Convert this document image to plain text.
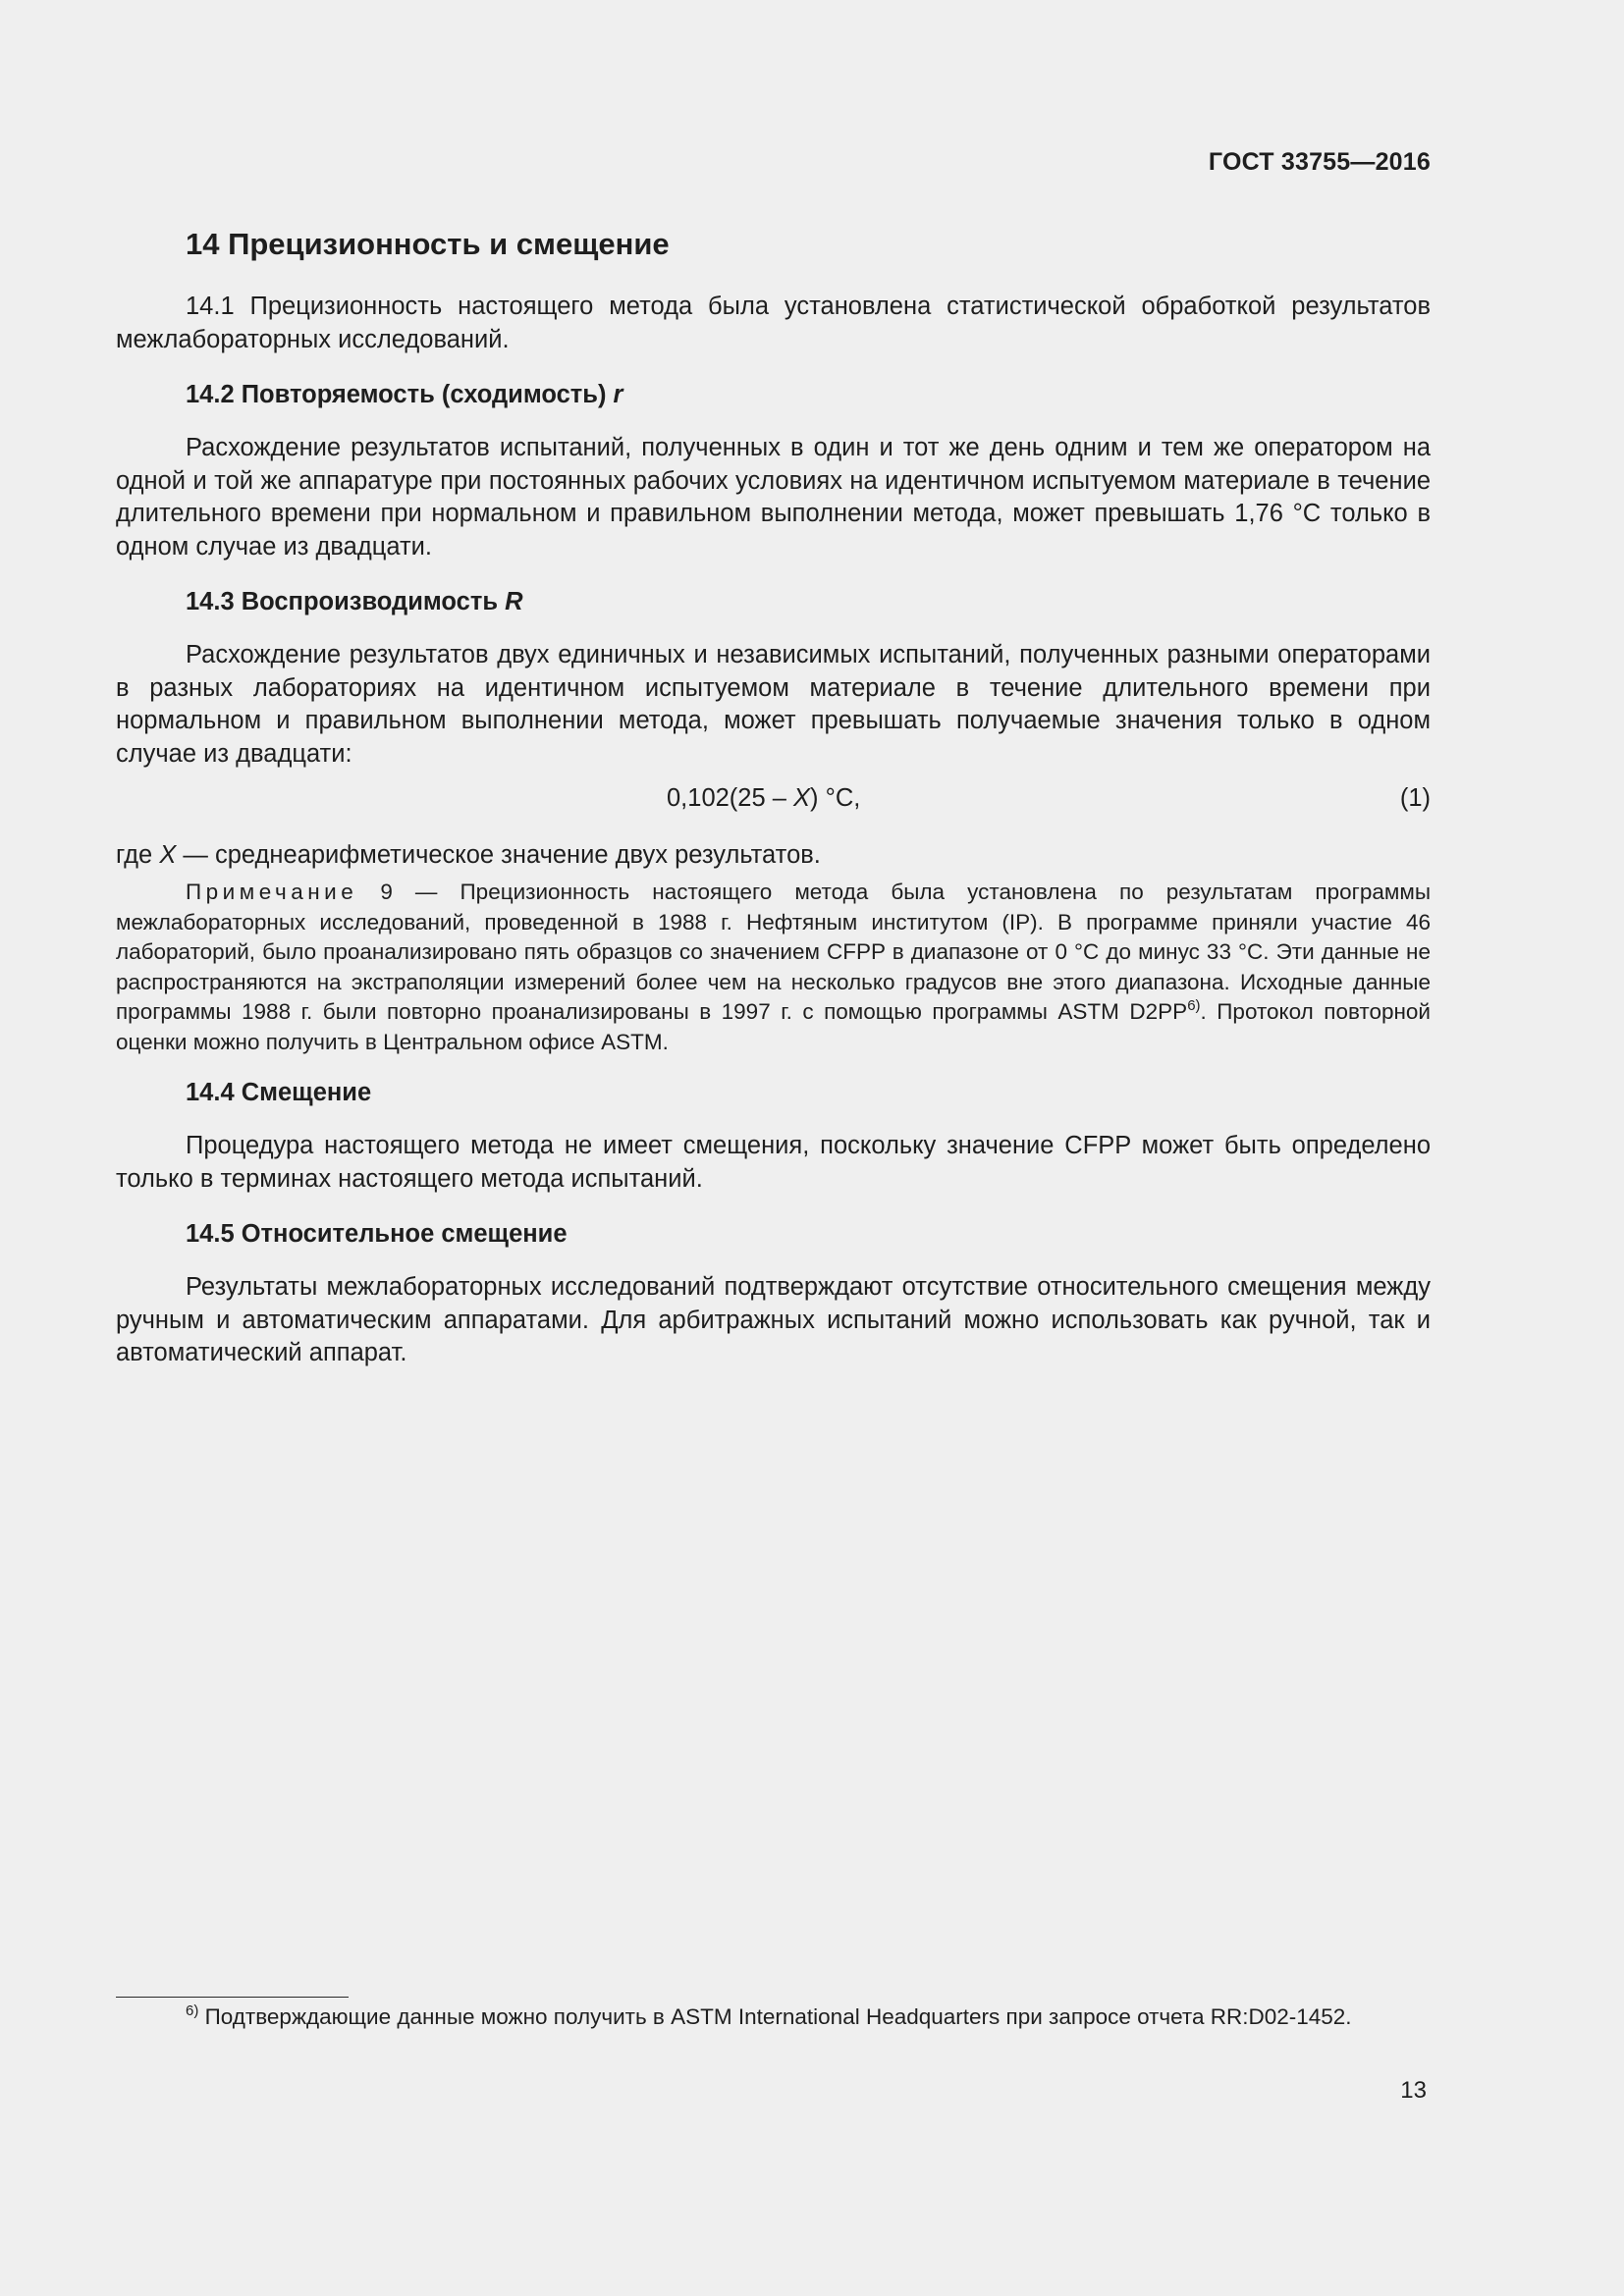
ГОСТ 33755—2016
14 Прецизионность и смещение

14.1 Прецизионность настоящего метода была установлена статистической обработкой результатов межлабораторных исследований.

14.2 Повторяемость (сходимость) r

Расхождение результатов испытаний, полученных в один и тот же день одним и тем же оператором на одной и той же аппаратуре при постоянных рабочих условиях на идентичном испытуемом материале в течение длительного времени при нормальном и правильном выполнении метода, может превышать 1,76 °С только в одном случае из двадцати.

14.3 Воспроизводимость R

Расхождение результатов двух единичных и независимых испытаний, полученных разными операторами в разных лабораториях на идентичном испытуемом материале в течение длительного времени при нормальном и правильном выполнении метода, может превышать получаемые значения только в одном случае из двадцати:

0,102(25 – X) °С,	(1)

где X — среднеарифметическое значение двух результатов.

Примечание 9 — Прецизионность настоящего метода была установлена по результатам программы межлабораторных исследований, проведенной в 1988 г. Нефтяным институтом (IP). В программе приняли участие 46 лабораторий, было проанализировано пять образцов со значением CFPP в диапазоне от 0 °С до минус 33 °С. Эти данные не распространяются на экстраполяции измерений более чем на несколько градусов вне этого диапазона. Исходные данные программы 1988 г. были повторно проанализированы в 1997 г. с помощью программы ASTM D2PP$^{6)}$. Протокол повторной оценки можно получить в Центральном офисе ASTM.

14.4 Смещение

Процедура настоящего метода не имеет смещения, поскольку значение CFPP может быть определено только в терминах настоящего метода испытаний.

14.5 Относительное смещение

Результаты межлабораторных исследований подтверждают отсутствие относительного смещения между ручным и автоматическим аппаратами. Для арбитражных испытаний можно использовать как ручной, так и автоматический аппарат.

$^{6)}$ Подтверждающие данные можно получить в ASTM International Headquarters при запросе отчета RR:D02-1452.

13
